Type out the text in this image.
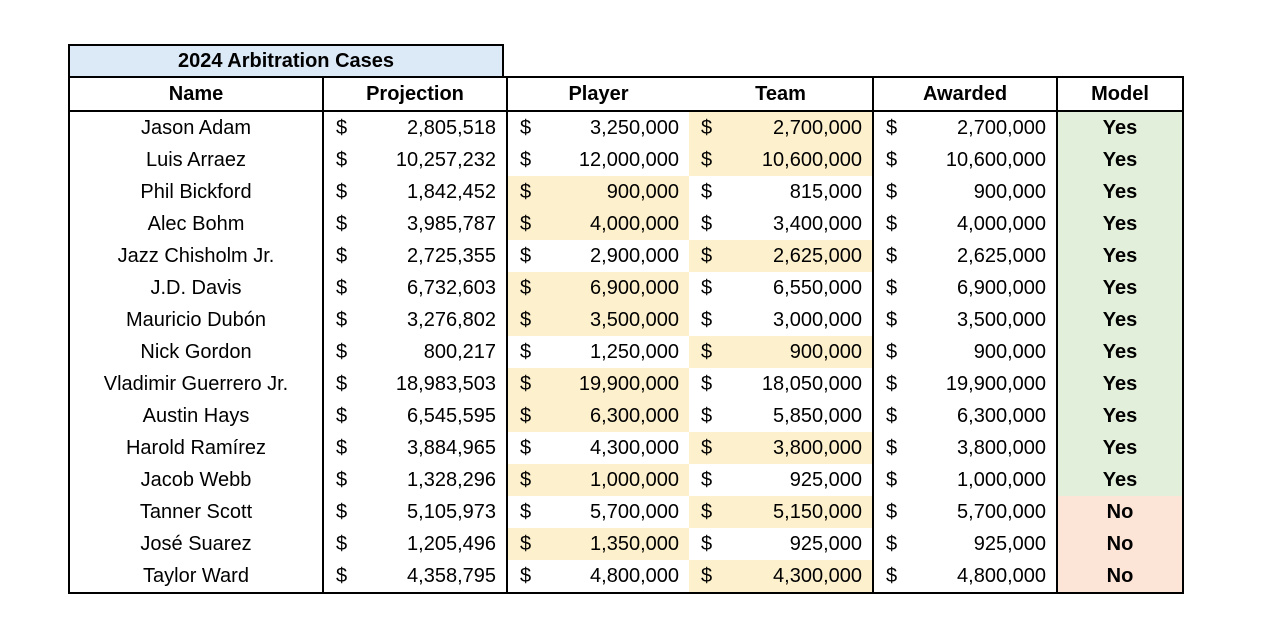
2024 Arbitration Cases
Name	Projection		Player		Team		Awarded		Model
Jason Adam	$	2,805,518	$	3,250,000	$	2,700,000	$	2,700,000	Yes
Luis Arraez	$	10,257,232	$	12,000,000	$	10,600,000	$	10,600,000	Yes
Phil Bickford	$	1,842,452	$	900,000	$	815,000	$	900,000	Yes
Alec Bohm	$	3,985,787	$	4,000,000	$	3,400,000	$	4,000,000	Yes
Jazz Chisholm Jr.	$	2,725,355	$	2,900,000	$	2,625,000	$	2,625,000	Yes
J.D. Davis	$	6,732,603	$	6,900,000	$	6,550,000	$	6,900,000	Yes
Mauricio Dubón	$	3,276,802	$	3,500,000	$	3,000,000	$	3,500,000	Yes
Nick Gordon	$	800,217	$	1,250,000	$	900,000	$	900,000	Yes
Vladimir Guerrero Jr.	$	18,983,503	$	19,900,000	$	18,050,000	$	19,900,000	Yes
Austin Hays	$	6,545,595	$	6,300,000	$	5,850,000	$	6,300,000	Yes
Harold Ramírez	$	3,884,965	$	4,300,000	$	3,800,000	$	3,800,000	Yes
Jacob Webb	$	1,328,296	$	1,000,000	$	925,000	$	1,000,000	Yes
Tanner Scott	$	5,105,973	$	5,700,000	$	5,150,000	$	5,700,000	No
José Suarez	$	1,205,496	$	1,350,000	$	925,000	$	925,000	No
Taylor Ward	$	4,358,795	$	4,800,000	$	4,300,000	$	4,800,000	No
